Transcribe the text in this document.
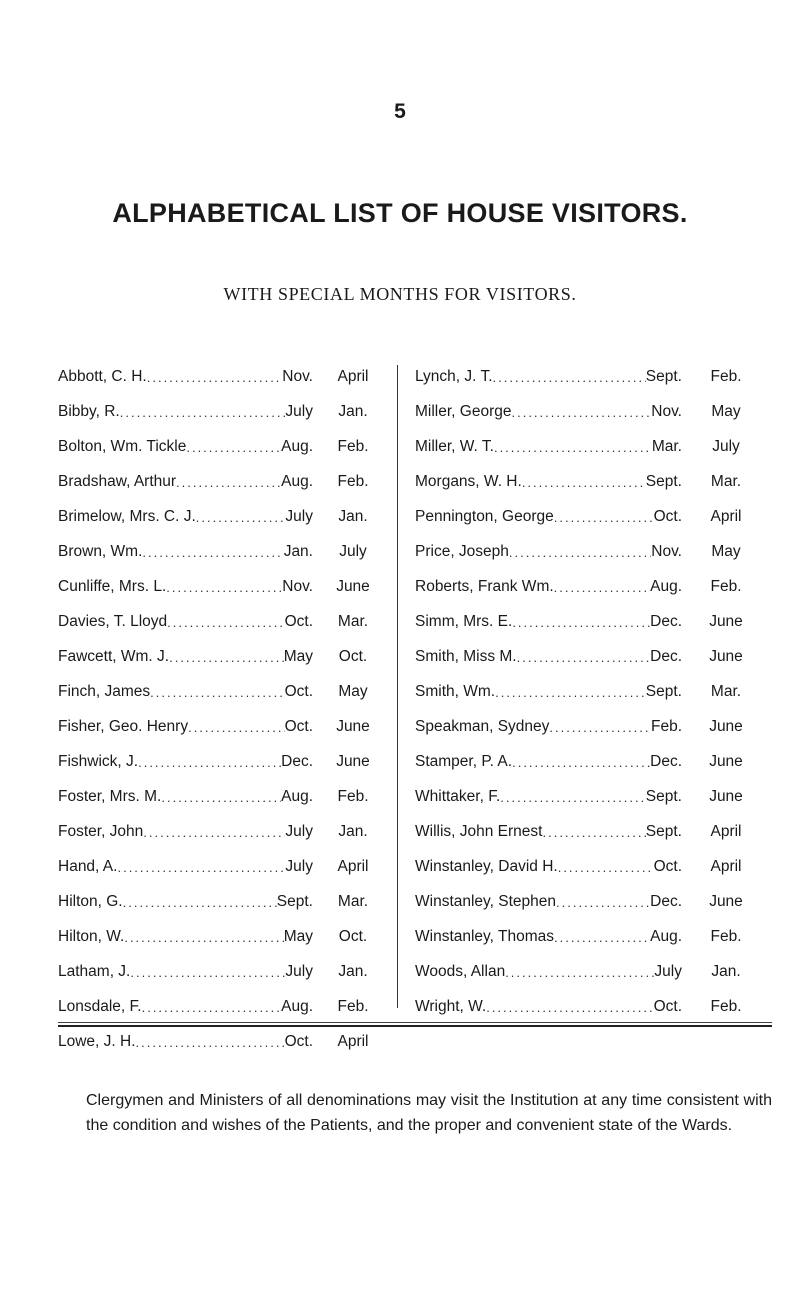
5
ALPHABETICAL LIST OF HOUSE VISITORS.
WITH SPECIAL MONTHS FOR VISITORS.
Abbott, C. H. .....	Nov.	April
Bibby, R. .....	July	Jan.
Bolton, Wm. Tickle .....	Aug.	Feb.
Bradshaw, Arthur .....	Aug.	Feb.
Brimelow, Mrs. C. J. .....	July	Jan.
Brown, Wm. .....	Jan.	July
Cunliffe, Mrs. L. .....	Nov.	June
Davies, T. Lloyd .....	Oct.	Mar.
Fawcett, Wm. J. .....	May	Oct.
Finch, James .....	Oct.	May
Fisher, Geo. Henry .....	Oct.	June
Fishwick, J. .....	Dec.	June
Foster, Mrs. M. .....	Aug.	Feb.
Foster, John .....	July	Jan.
Hand, A. .....	July	April
Hilton, G. .....	Sept.	Mar.
Hilton, W. .....	May	Oct.
Latham, J. .....	July	Jan.
Lonsdale, F. .....	Aug.	Feb.
Lowe, J. H. .....	Oct.	April
Lynch, J. T. .....	Sept.	Feb.
Miller, George .....	Nov.	May
Miller, W. T. .....	Mar.	July
Morgans, W. H. .....	Sept.	Mar.
Pennington, George .....	Oct.	April
Price, Joseph .....	Nov.	May
Roberts, Frank Wm. .....	Aug.	Feb.
Simm, Mrs. E. .....	Dec.	June
Smith, Miss M. .....	Dec.	June
Smith, Wm. .....	Sept.	Mar.
Speakman, Sydney .....	Feb.	June
Stamper, P. A. .....	Dec.	June
Whittaker, F. .....	Sept.	June
Willis, John Ernest .....	Sept.	April
Winstanley, David H. .....	Oct.	April
Winstanley, Stephen .....	Dec.	June
Winstanley, Thomas .....	Aug.	Feb.
Woods, Allan .....	July	Jan.
Wright, W. .....	Oct.	Feb.
Clergymen and Ministers of all denominations may visit the Institution at any time consistent with the condition and wishes of the Patients, and the proper and convenient state of the Wards.
